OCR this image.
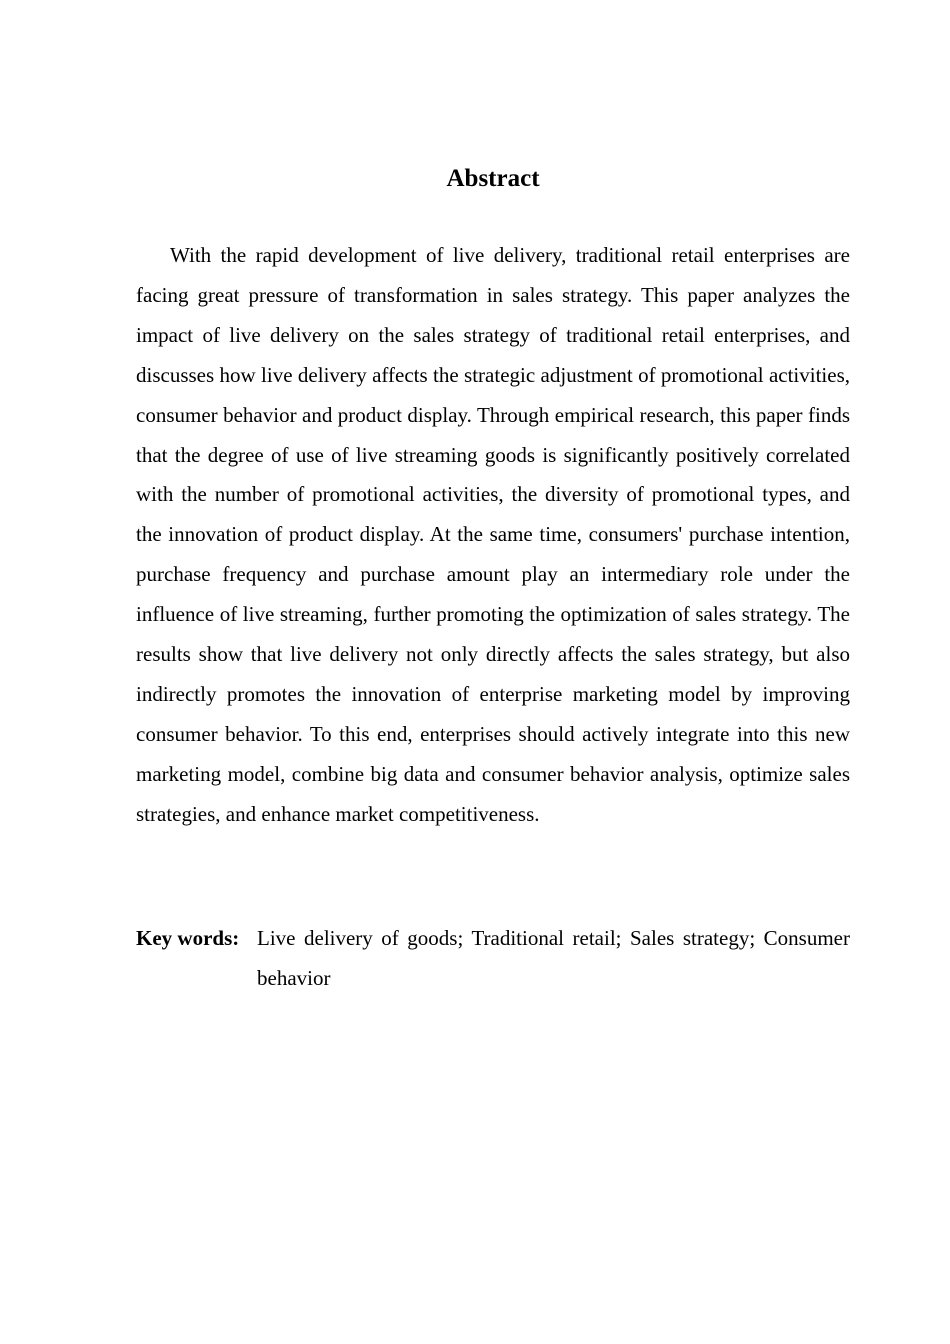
Abstract

With the rapid development of live delivery, traditional retail enterprises are facing great pressure of transformation in sales strategy. This paper analyzes the impact of live delivery on the sales strategy of traditional retail enterprises, and discusses how live delivery affects the strategic adjustment of promotional activities, consumer behavior and product display. Through empirical research, this paper finds that the degree of use of live streaming goods is significantly positively correlated with the number of promotional activities, the diversity of promotional types, and the innovation of product display. At the same time, consumers' purchase intention, purchase frequency and purchase amount play an intermediary role under the influence of live streaming, further promoting the optimization of sales strategy. The results show that live delivery not only directly affects the sales strategy, but also indirectly promotes the innovation of enterprise marketing model by improving consumer behavior. To this end, enterprises should actively integrate into this new marketing model, combine big data and consumer behavior analysis, optimize sales strategies, and enhance market competitiveness.

Key words: Live delivery of goods; Traditional retail; Sales strategy; Consumer behavior
